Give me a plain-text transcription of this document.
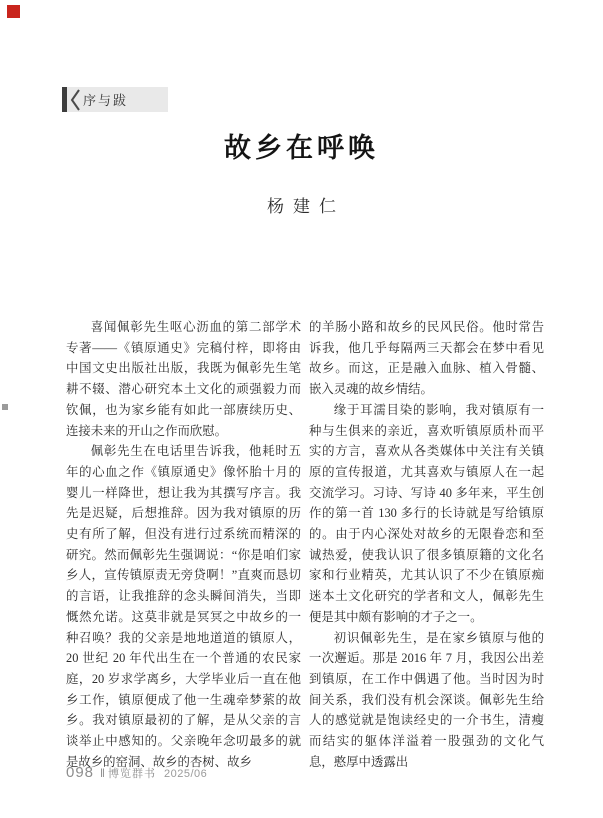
序与跋
故乡在呼唤
杨建仁

喜闻佩彰先生呕心沥血的第二部学术专著——《镇原通史》完稿付梓，即将由中国文史出版社出版，我既为佩彰先生笔耕不辍、潜心研究本土文化的顽强毅力而钦佩，也为家乡能有如此一部赓续历史、连接未来的开山之作而欣慰。

佩彰先生在电话里告诉我，他耗时五年的心血之作《镇原通史》像怀胎十月的婴儿一样降世，想让我为其撰写序言。我先是迟疑，后想推辞。因为我对镇原的历史有所了解，但没有进行过系统而精深的研究。然而佩彰先生强调说：“你是咱们家乡人，宣传镇原责无旁贷啊！”直爽而恳切的言语，让我推辞的念头瞬间消失，当即慨然允诺。这莫非就是冥冥之中故乡的一种召唤？我的父亲是地地道道的镇原人，20 世纪 20 年代出生在一个普通的农民家庭，20 岁求学离乡，大学毕业后一直在他乡工作，镇原便成了他一生魂牵梦萦的故乡。我对镇原最初的了解，是从父亲的言谈举止中感知的。父亲晚年念叨最多的就是故乡的窑洞、故乡的杏树、故乡

的羊肠小路和故乡的民风民俗。他时常告诉我，他几乎每隔两三天都会在梦中看见故乡。而这，正是融入血脉、植入骨髓、嵌入灵魂的故乡情结。

缘于耳濡目染的影响，我对镇原有一种与生俱来的亲近，喜欢听镇原质朴而平实的方言，喜欢从各类媒体中关注有关镇原的宣传报道，尤其喜欢与镇原人在一起交流学习。习诗、写诗 40 多年来，平生创作的第一首 130 多行的长诗就是写给镇原的。由于内心深处对故乡的无限眷恋和至诚热爱，使我认识了很多镇原籍的文化名家和行业精英，尤其认识了不少在镇原痴迷本土文化研究的学者和文人，佩彰先生便是其中颇有影响的才子之一。

初识佩彰先生，是在家乡镇原与他的一次邂逅。那是 2016 年 7 月，我因公出差到镇原，在工作中偶遇了他。当时因为时间关系，我们没有机会深谈。佩彰先生给人的感觉就是饱读经史的一介书生，清瘦而结实的躯体洋溢着一股强劲的文化气息，憨厚中透露出

098 ‖ 博览群书 2025/06
